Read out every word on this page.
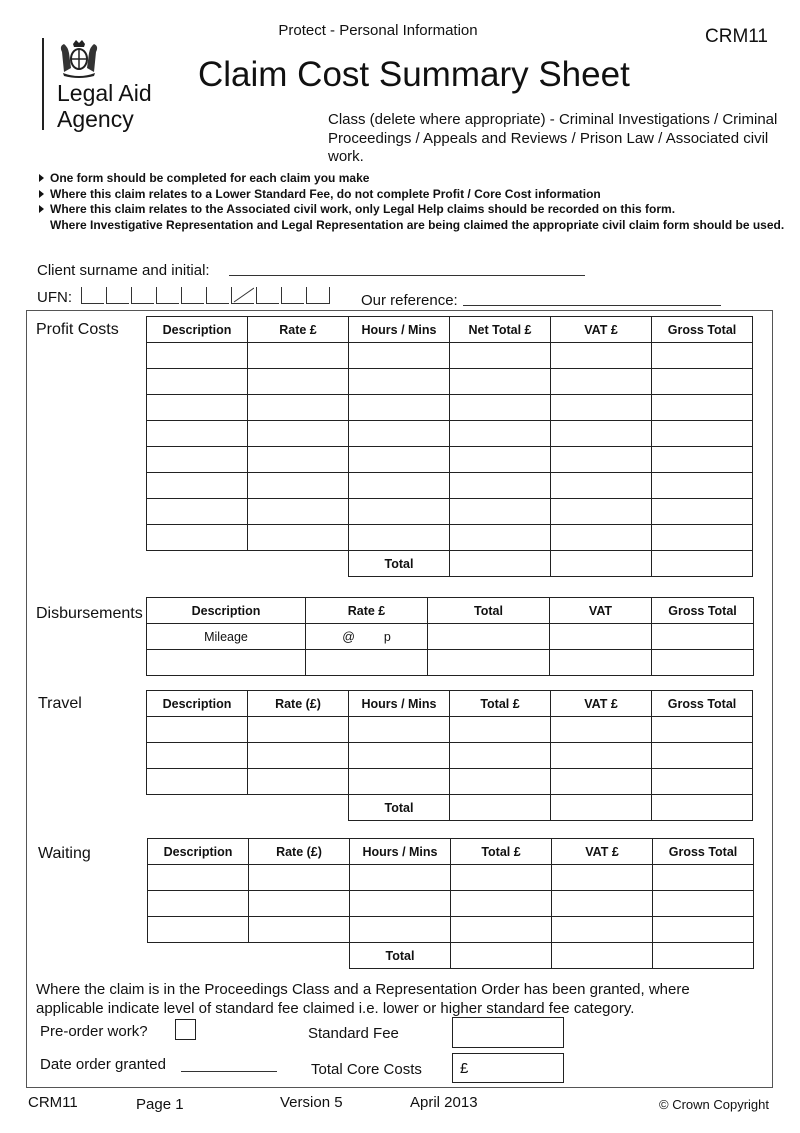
Protect - Personal Information	CRM11
Legal Aid
Agency
Claim Cost Summary Sheet
Class (delete where appropriate) - Criminal Investigations / Criminal Proceedings / Appeals and Reviews / Prison Law / Associated civil work.
One form should be completed for each claim you make
Where this claim relates to a Lower Standard Fee, do not complete Profit / Core Cost information
Where this claim relates to the Associated civil work, only Legal Help claims should be recorded on this form.
Where Investigative Representation and Legal Representation are being claimed the appropriate civil claim form should be used.
Client surname and initial:
UFN:	Our reference:
Profit Costs	Description	Rate £	Hours / Mins	Net Total £	VAT £	Gross Total

		Total			
Disbursements	Description	Rate £	Total	VAT	Gross Total
Mileage	@ p			

Travel	Description	Rate (£)	Hours / Mins	Total £	VAT £	Gross Total

		Total			
Waiting	Description	Rate (£)	Hours / Mins	Total £	VAT £	Gross Total

		Total			
Where the claim is in the Proceedings Class and a Representation Order has been granted, where applicable indicate level of standard fee claimed i.e. lower or higher standard fee category.
Pre-order work?	Standard Fee
Date order granted	Total Core Costs	£
CRM11	Page 1	Version 5	April 2013	© Crown Copyright
